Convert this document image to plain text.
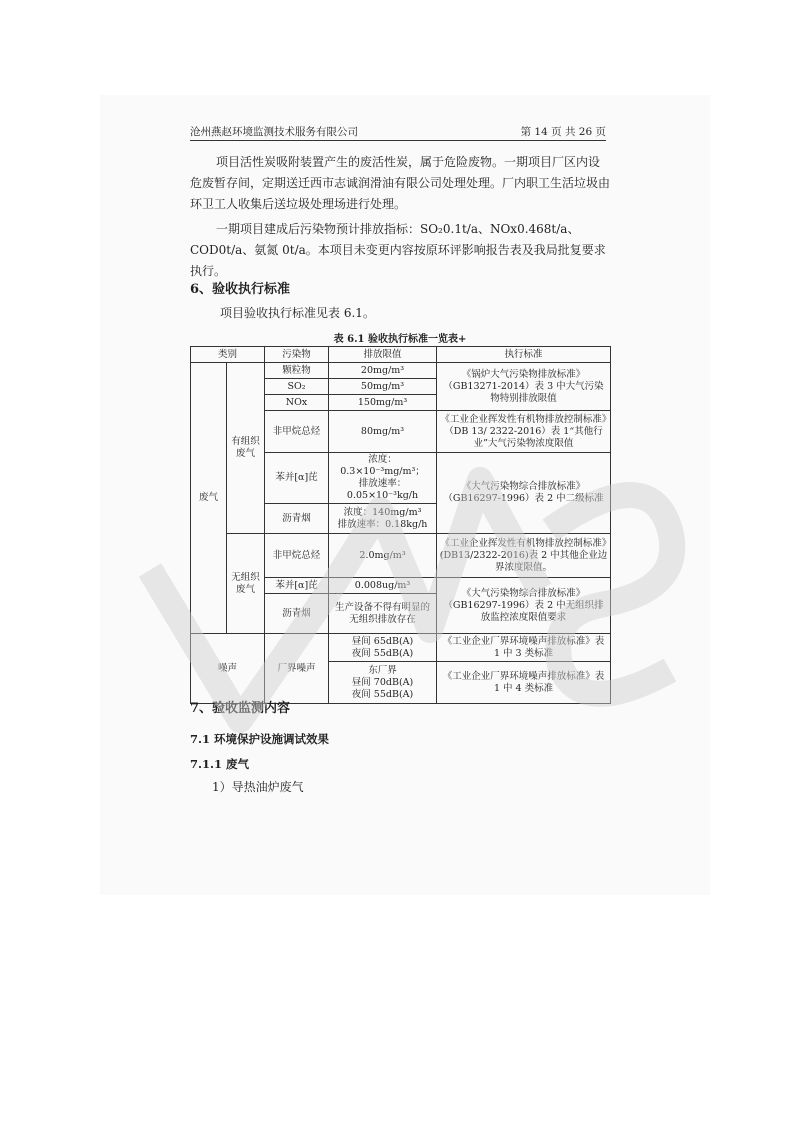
沧州燕赵环境监测技术服务有限公司	第 14 页 共 26 页

项目活性炭吸附装置产生的废活性炭，属于危险废物。一期项目厂区内设危废暂存间，定期送迁西市志诚润滑油有限公司处理处理。厂内职工生活垃圾由环卫工人收集后送垃圾处理场进行处理。

一期项目建成后污染物预计排放指标：SO₂0.1t/a、NOx0.468t/a、COD0t/a、氨氮 0t/a。本项目未变更内容按原环评影响报告表及我局批复要求执行。

6、验收执行标准

项目验收执行标准见表 6.1。

表 6.1 验收执行标准一览表+
类别		污染物	排放限值	执行标准
废气	有组织废气	颗粒物	20mg/m³	《锅炉大气污染物排放标准》（GB13271-2014）表 3 中大气污染物特别排放限值
		SO₂	50mg/m³	
		NOx	150mg/m³	
		非甲烷总烃	80mg/m³	《工业企业挥发性有机物排放控制标准》（DB 13/ 2322-2016）表 1“其他行业”大气污染物浓度限值
		苯并[α]芘	浓度：0.3×10⁻³mg/m³；
排放速率：0.05×10⁻³kg/h	《大气污染物综合排放标准》（GB16297-1996）表 2 中二级标准
		沥青烟	浓度：140mg/m³
排放速率：0.18kg/h	

	无组织废气	非甲烷总烃	2.0mg/m³	《工业企业挥发性有机物排放控制标准》(DB13/2322-2016)表 2 中其他企业边界浓度限值。
		苯并[α]芘	0.008ug/m³	《大气污染物综合排放标准》（GB16297-1996）表 2 中无组织排放监控浓度限值要求
		沥青烟	生产设备不得有明显的无组织排放存在	
噪声		厂界噪声	昼间 65dB(A)
夜间 55dB(A)	《工业企业厂界环境噪声排放标准》表 1 中 3 类标准

			东厂界
昼间 70dB(A)
夜间 55dB(A)	《工业企业厂界环境噪声排放标准》表 1 中 4 类标准
7、验收监测内容
7.1 环境保护设施调试效果
7.1.1 废气
1）导热油炉废气
